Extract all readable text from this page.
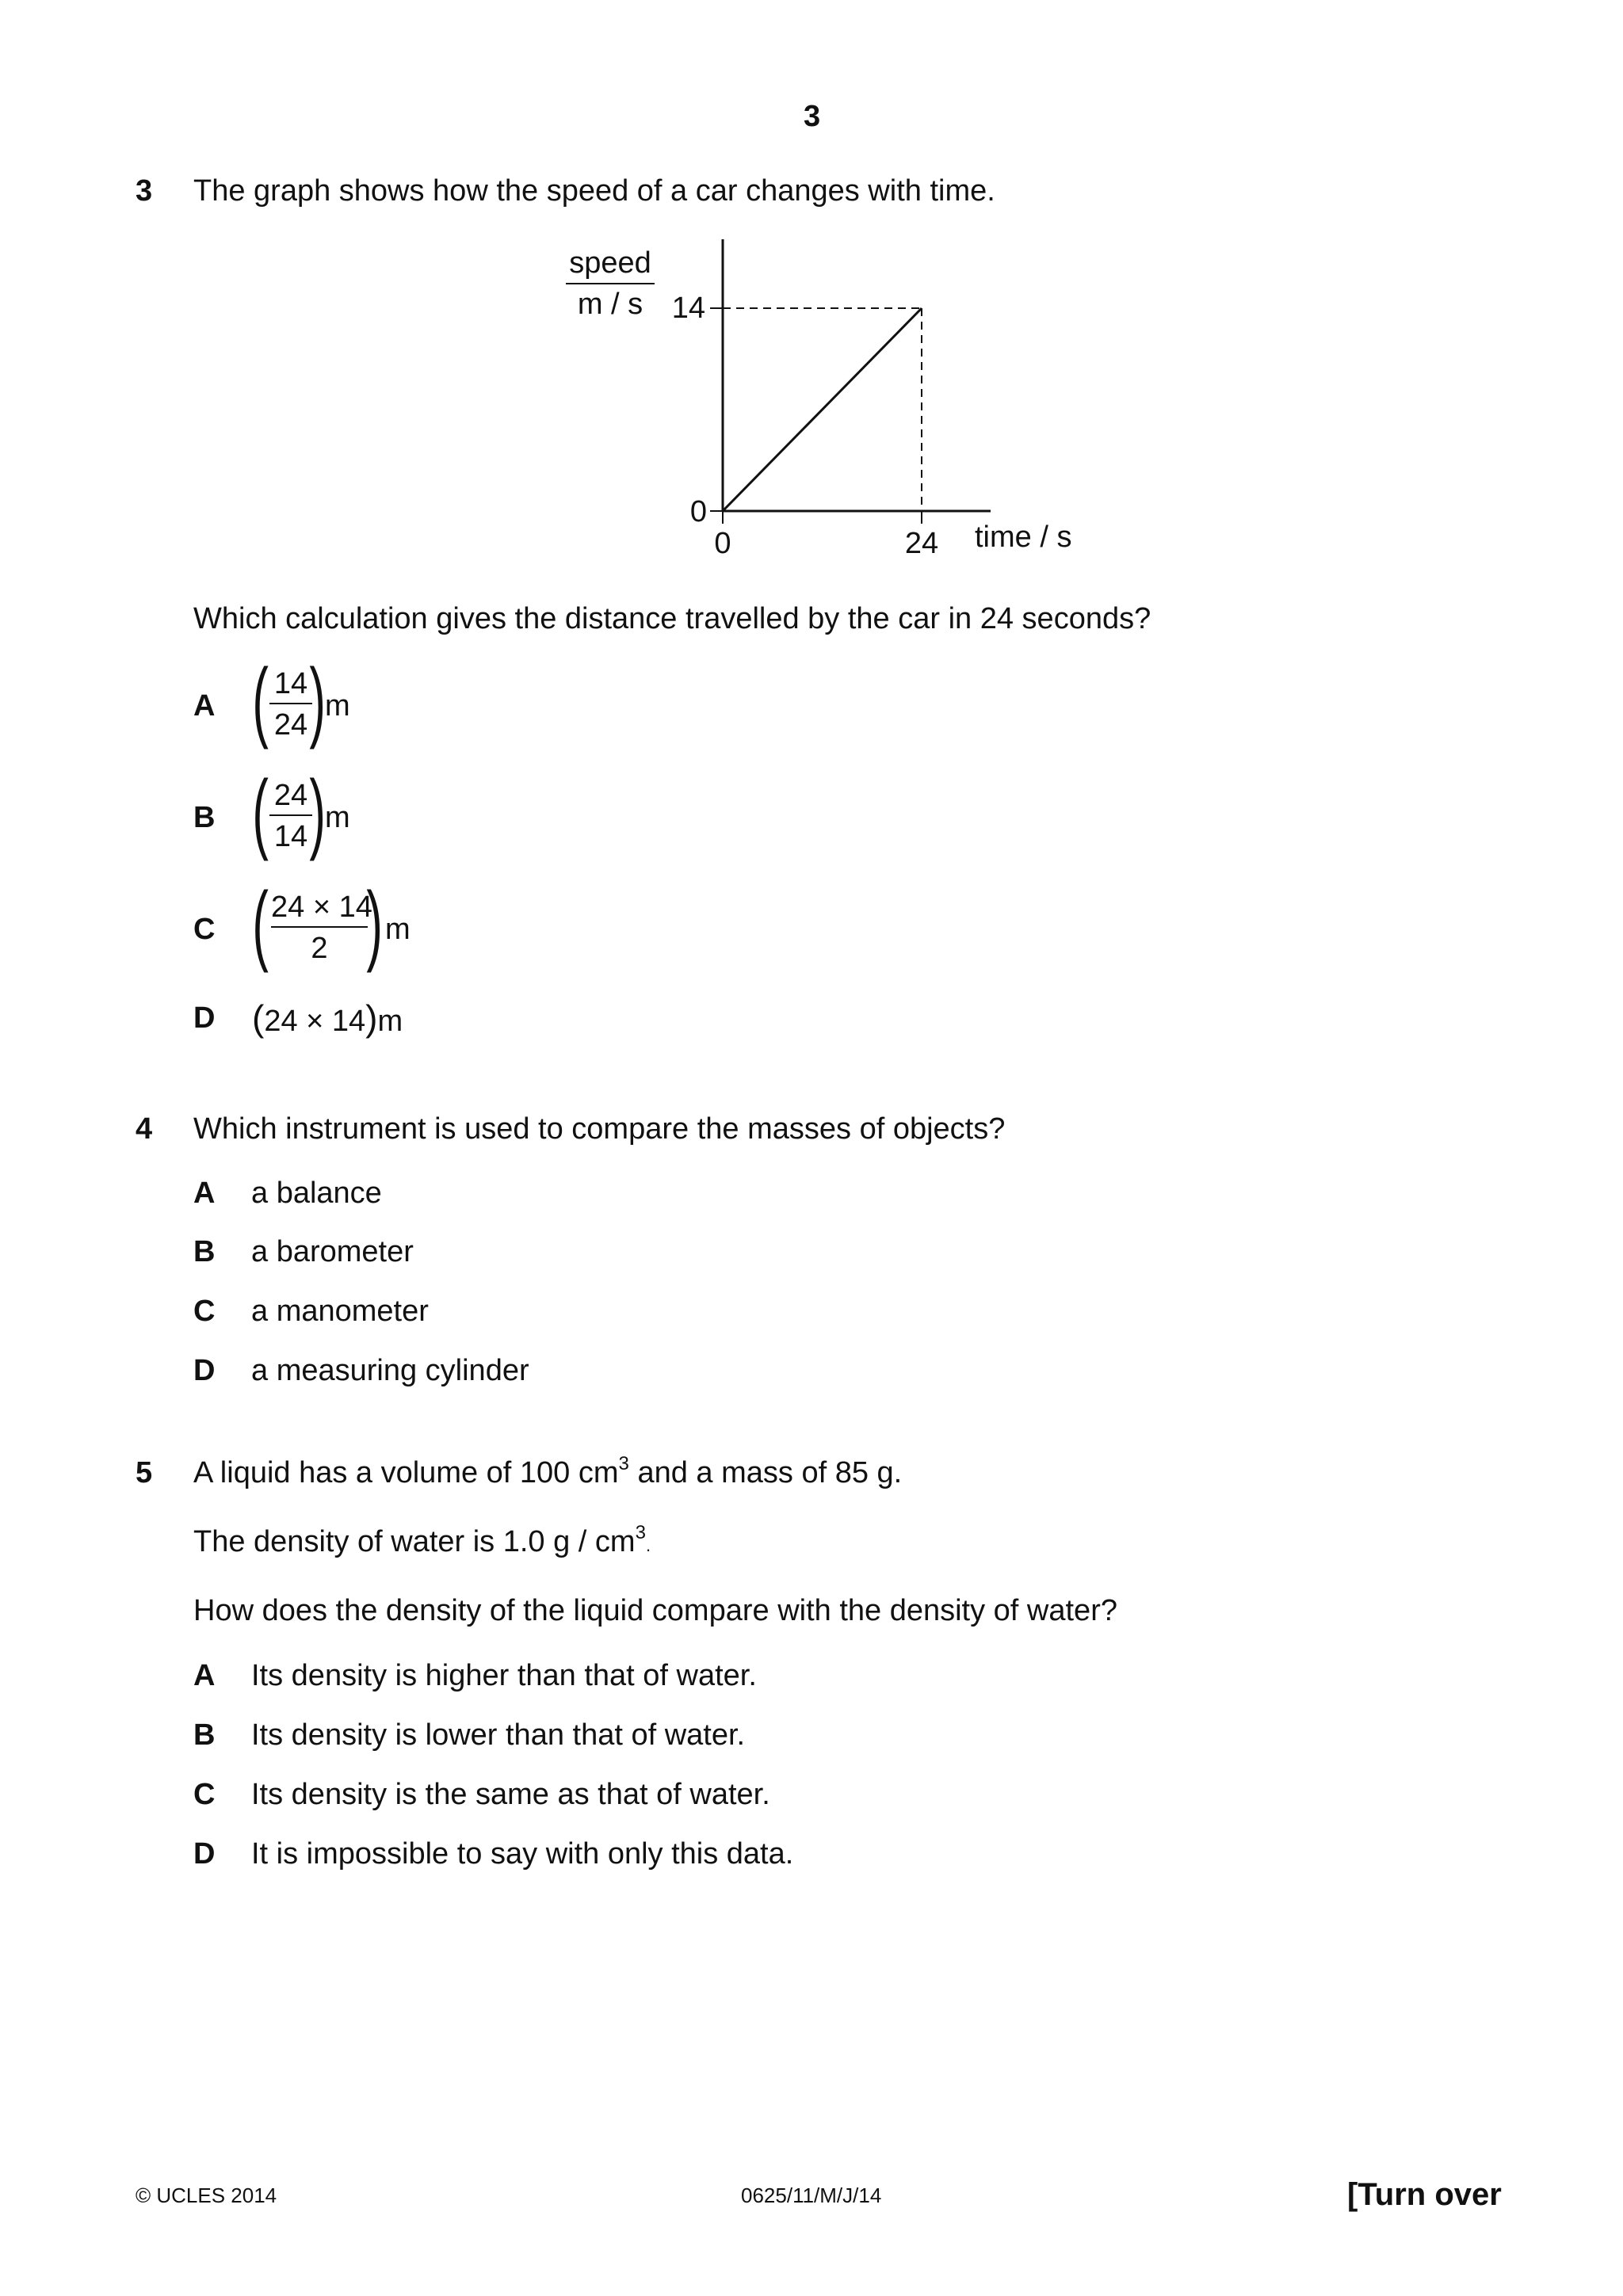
3
3 The graph shows how the speed of a car changes with time.
speed
m / s 14
0
0	24 time / s
Which calculation gives the distance travelled by the car in 24 seconds?
A ( 14
24 ) m
B ( 24
14 ) m
C ( 24 × 14
2 ) m
D (24 × 14)m
4 Which instrument is used to compare the masses of objects?
A a balance
B a barometer
C a manometer
D a measuring cylinder
5 A liquid has a volume of 100 $cm^3$ and a mass of 85 g.
The density of water is 1.0 g / $cm^3$.
How does the density of the liquid compare with the density of water?
A Its density is higher than that of water.
B Its density is lower than that of water.
C Its density is the same as that of water.
D It is impossible to say with only this data.
© UCLES 2014	0625/11/M/J/14	[Turn over
